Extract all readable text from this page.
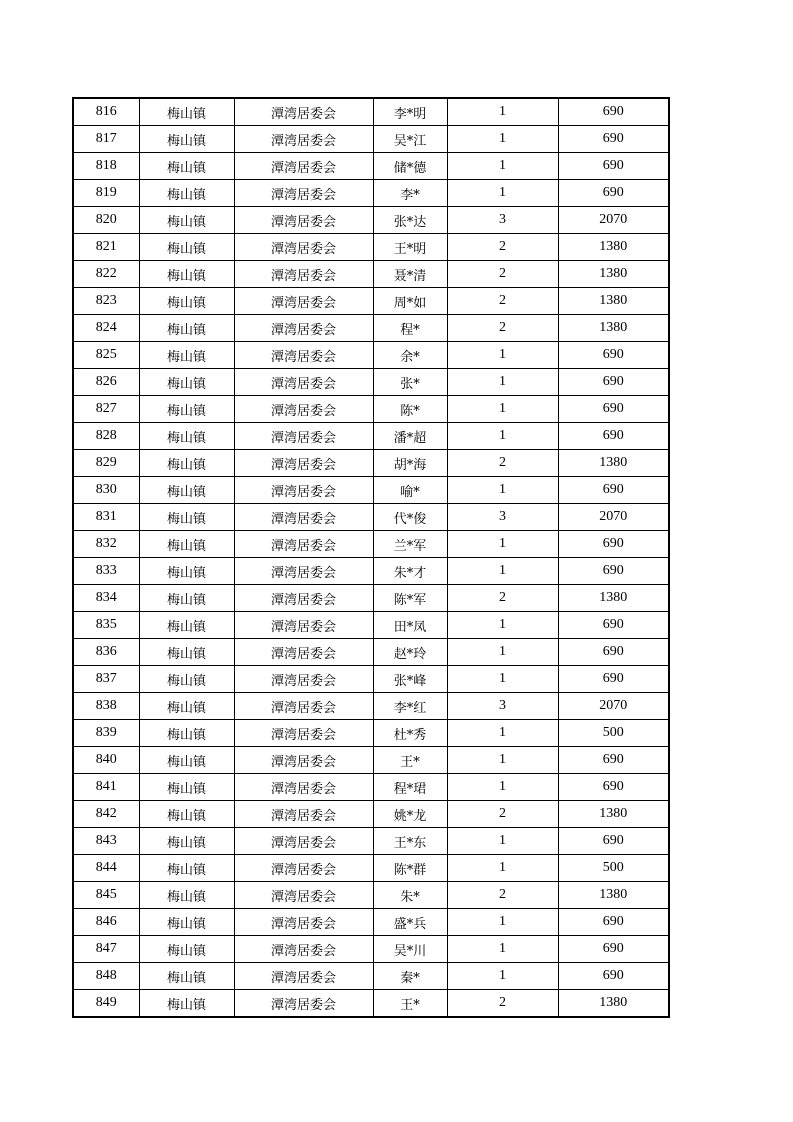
816	梅山镇	潭湾居委会	李*明	1	690
817	梅山镇	潭湾居委会	吴*江	1	690
818	梅山镇	潭湾居委会	储*德	1	690
819	梅山镇	潭湾居委会	李*	1	690
820	梅山镇	潭湾居委会	张*达	3	2070
821	梅山镇	潭湾居委会	王*明	2	1380
822	梅山镇	潭湾居委会	聂*清	2	1380
823	梅山镇	潭湾居委会	周*如	2	1380
824	梅山镇	潭湾居委会	程*	2	1380
825	梅山镇	潭湾居委会	余*	1	690
826	梅山镇	潭湾居委会	张*	1	690
827	梅山镇	潭湾居委会	陈*	1	690
828	梅山镇	潭湾居委会	潘*超	1	690
829	梅山镇	潭湾居委会	胡*海	2	1380
830	梅山镇	潭湾居委会	喻*	1	690
831	梅山镇	潭湾居委会	代*俊	3	2070
832	梅山镇	潭湾居委会	兰*军	1	690
833	梅山镇	潭湾居委会	朱*才	1	690
834	梅山镇	潭湾居委会	陈*军	2	1380
835	梅山镇	潭湾居委会	田*凤	1	690
836	梅山镇	潭湾居委会	赵*玲	1	690
837	梅山镇	潭湾居委会	张*峰	1	690
838	梅山镇	潭湾居委会	李*红	3	2070
839	梅山镇	潭湾居委会	杜*秀	1	500
840	梅山镇	潭湾居委会	王*	1	690
841	梅山镇	潭湾居委会	程*珺	1	690
842	梅山镇	潭湾居委会	姚*龙	2	1380
843	梅山镇	潭湾居委会	王*东	1	690
844	梅山镇	潭湾居委会	陈*群	1	500
845	梅山镇	潭湾居委会	朱*	2	1380
846	梅山镇	潭湾居委会	盛*兵	1	690
847	梅山镇	潭湾居委会	吴*川	1	690
848	梅山镇	潭湾居委会	秦*	1	690
849	梅山镇	潭湾居委会	王*	2	1380
